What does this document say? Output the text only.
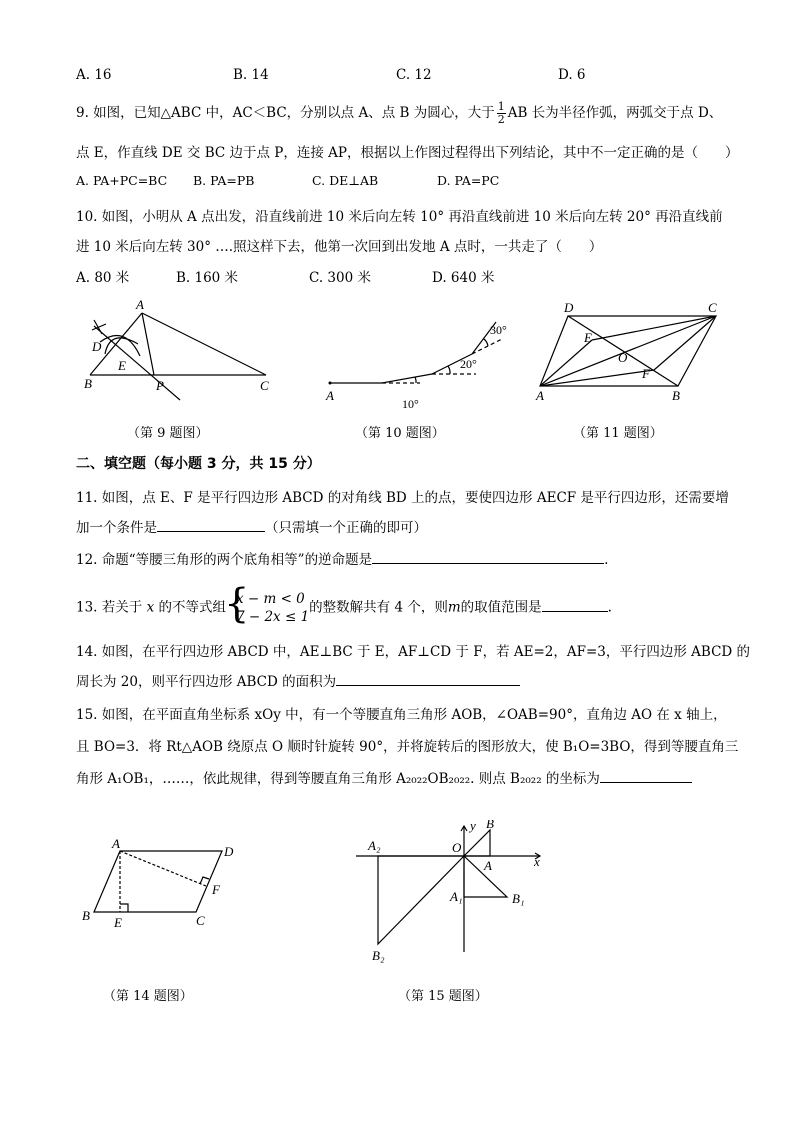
A. 16	B. 14	C. 12	D. 6
9. 如图，已知△ABC 中，AC＜BC，分别以点 A、点 B 为圆心，大于 $\frac{1}{2}$ AB 长为半径作弧，两弧交于点 D、
点 E，作直线 DE 交 BC 边于点 P，连接 AP，根据以上作图过程得出下列结论，其中不一定正确的是（　　）
A. PA+PC=BC B. PA=PB	C. DE⊥AB	D. PA=PC
10. 如图，小明从 A 点出发，沿直线前进 10 米后向左转 10° 再沿直线前进 10 米后向左转 20° 再沿直线前
进 10 米后向左转 30° ….照这样下去，他第一次回到出发地 A 点时，一共走了（　　）
A. 80 米	B. 160 米	C. 300 米	D. 640 米
A
D
E
B	P	C
（第 9 题图）
A
10°
20°
30°
（第 10 题图）
D	C
E
O
F
A	B
（第 11 题图）
二、填空题（每小题 3 分，共 15 分）
11. 如图，点 E、F 是平行四边形 ABCD 的对角线 BD 上的点，要使四边形 AECF 是平行四边形，还需要增
加一个条件是	（只需填一个正确的即可）
12. 命题“等腰三角形的两个底角相等”的逆命题是	.
13. 若关于 x 的不等式组
{ x − m < 0
7 − 2x ≤ 1
的整数解共有 4 个，则m的取值范围是	.
14. 如图，在平行四边形 ABCD 中，AE⊥BC 于 E，AF⊥CD 于 F，若 AE=2，AF=3，平行四边形 ABCD 的
周长为 20，则平行四边形 ABCD 的面积为
15. 如图，在平面直角坐标系 xOy 中，有一个等腰直角三角形 AOB，∠OAB=90°，直角边 AO 在 x 轴上，
且 BO=3．将 Rt△AOB 绕原点 O 顺时针旋转 90°，并将旋转后的图形放大，使 B₁O=3BO，得到等腰直角三
角形 A₁OB₁，……，依此规律，得到等腰直角三角形 A₂₀₂₂OB₂₀₂₂. 则点 B₂₀₂₂ 的坐标为
A
D
F
B E	C
（第 14 题图）
y B
A₂	O
A	x
A₁	B₁
B₂
（第 15 题图）
